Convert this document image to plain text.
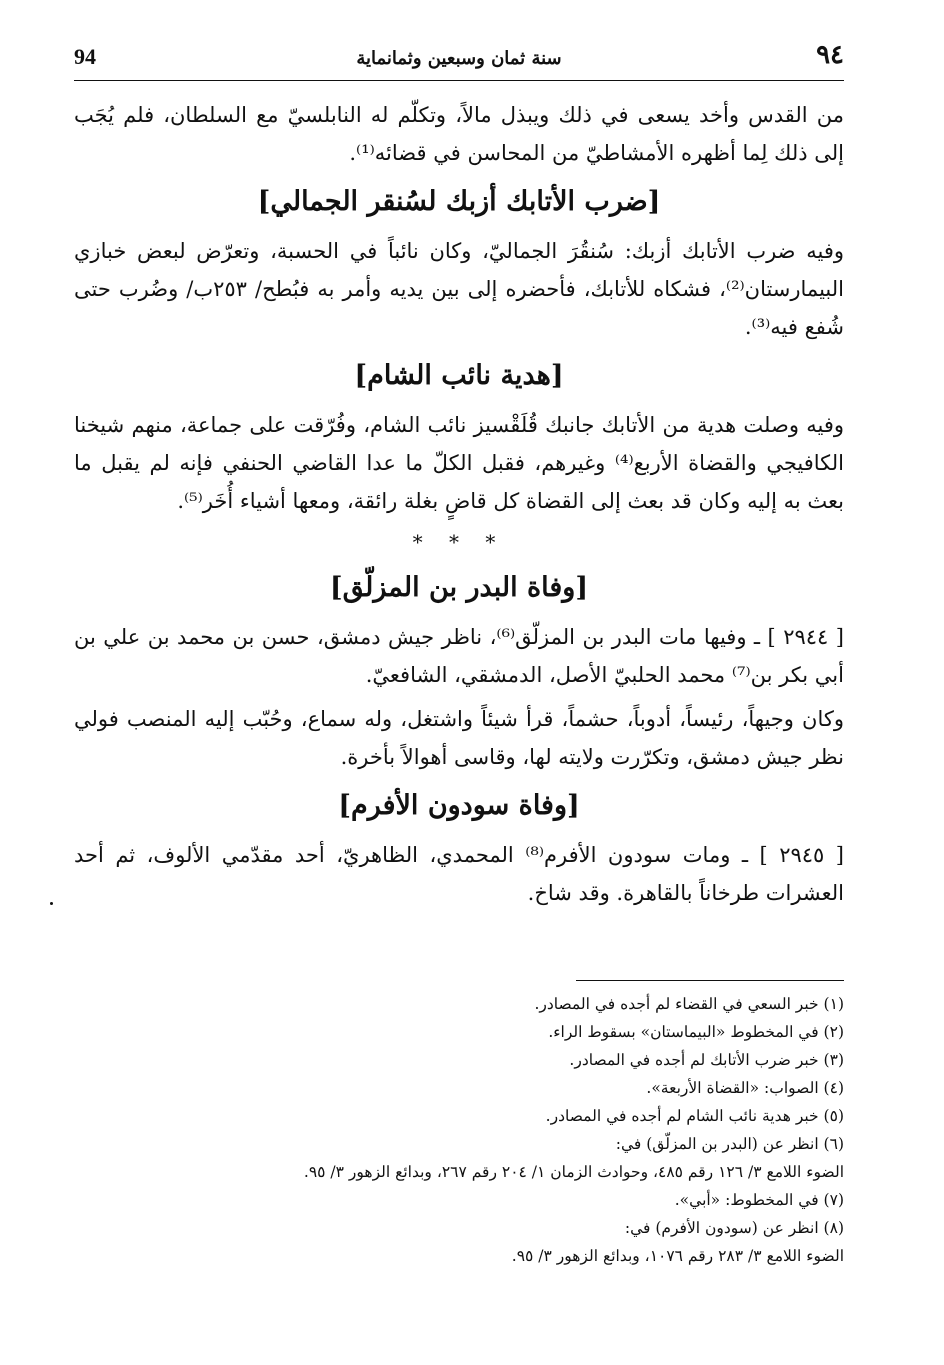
94	سنة ثمان وسبعين وثمانماية	٩٤

من القدس وأخد يسعى في ذلك ويبذل مالاً، وتكلّم له النابلسيّ مع السلطان، فلم يُجَب إلى ذلك لِما أظهره الأمشاطيّ من المحاسن في قضائه⁽¹⁾.

[ضرب الأتابك أزبك لسُنقر الجمالي]

وفيه ضرب الأتابك أزبك: سُنقُرَ الجماليّ، وكان نائباً في الحسبة، وتعرّض لبعض خبازي البيمارستان⁽²⁾، فشكاه للأتابك، فأحضره إلى بين يديه وأمر به فبُطح/ ٢٥٣ب/ وضُرب حتى شُفع فيه⁽³⁾.

[هدية نائب الشام]

وفيه وصلت هدية من الأتابك جانبك قُلَقْسيز نائب الشام، وفُرّقت على جماعة، منهم شيخنا الكافيجي والقضاة الأربع⁽⁴⁾ وغيرهم، فقبل الكلّ ما عدا القاضي الحنفي فإنه لم يقبل ما بعث به إليه وكان قد بعث إلى القضاة كل قاضٍ بغلة رائقة، ومعها أشياء أُخَر⁽⁵⁾.

* * *
[وفاة البدر بن المزلّق]

[ ٢٩٤٤ ] ـ وفيها مات البدر بن المزلّق⁽⁶⁾، ناظر جيش دمشق، حسن بن محمد بن علي بن أبي بكر بن⁽⁷⁾ محمد الحلبيّ الأصل، الدمشقي، الشافعيّ.

وكان وجيهاً، رئيساً، أدوباً، حشماً، قرأ شيئاً واشتغل، وله سماع، وحُبّب إليه المنصب فولي نظر جيش دمشق، وتكرّرت ولايته لها، وقاسى أهوالاً بأخرة.

[وفاة سودون الأفرم]

[ ٢٩٤٥ ] ـ ومات سودون الأفرم⁽⁸⁾ المحمدي، الظاهريّ، أحد مقدّمي الألوف، ثم أحد العشرات طرخاناً بالقاهرة. وقد شاخ.

(١) خبر السعي في القضاء لم أجده في المصادر.
(٢) في المخطوط «البيماستان» بسقوط الراء.
(٣) خبر ضرب الأتابك لم أجده في المصادر.
(٤) الصواب: «القضاة الأربعة».
(٥) خبر هدية نائب الشام لم أجده في المصادر.
(٦) انظر عن (البدر بن المزلّق) في:
الضوء اللامع ٣/ ١٢٦ رقم ٤٨٥، وحوادث الزمان ١/ ٢٠٤ رقم ٢٦٧، وبدائع الزهور ٣/ ٩٥.
(٧) في المخطوط: «أبي».
(٨) انظر عن (سودون الأفرم) في:
الضوء اللامع ٣/ ٢٨٣ رقم ١٠٧٦، وبدائع الزهور ٣/ ٩٥.
